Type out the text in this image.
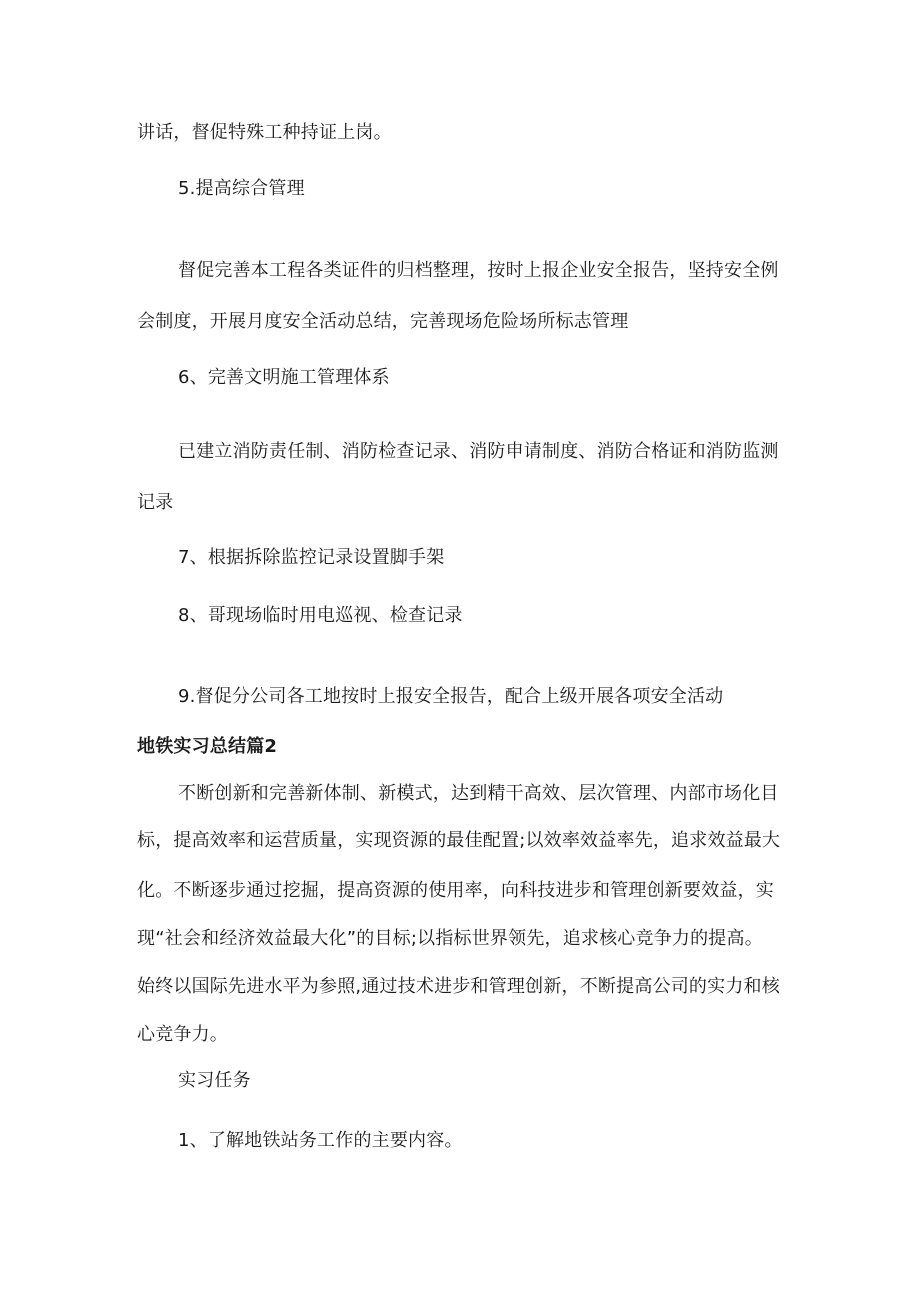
讲话，督促特殊工种持证上岗。
5.提高综合管理
督促完善本工程各类证件的归档整理，按时上报企业安全报告，坚持安全例
会制度，开展月度安全活动总结，完善现场危险场所标志管理
6、完善文明施工管理体系
已建立消防责任制、消防检查记录、消防申请制度、消防合格证和消防监测
记录
7、根据拆除监控记录设置脚手架
8、哥现场临时用电巡视、检查记录
9.督促分公司各工地按时上报安全报告，配合上级开展各项安全活动
地铁实习总结篇2
不断创新和完善新体制、新模式，达到精干高效、层次管理、内部市场化目
标，提高效率和运营质量，实现资源的最佳配置;以效率效益率先，追求效益最大
化。不断逐步通过挖掘，提高资源的使用率，向科技进步和管理创新要效益，实
现“社会和经济效益最大化”的目标;以指标世界领先，追求核心竞争力的提高。
始终以国际先进水平为参照,通过技术进步和管理创新，不断提高公司的实力和核
心竞争力。
实习任务
1、了解地铁站务工作的主要内容。
